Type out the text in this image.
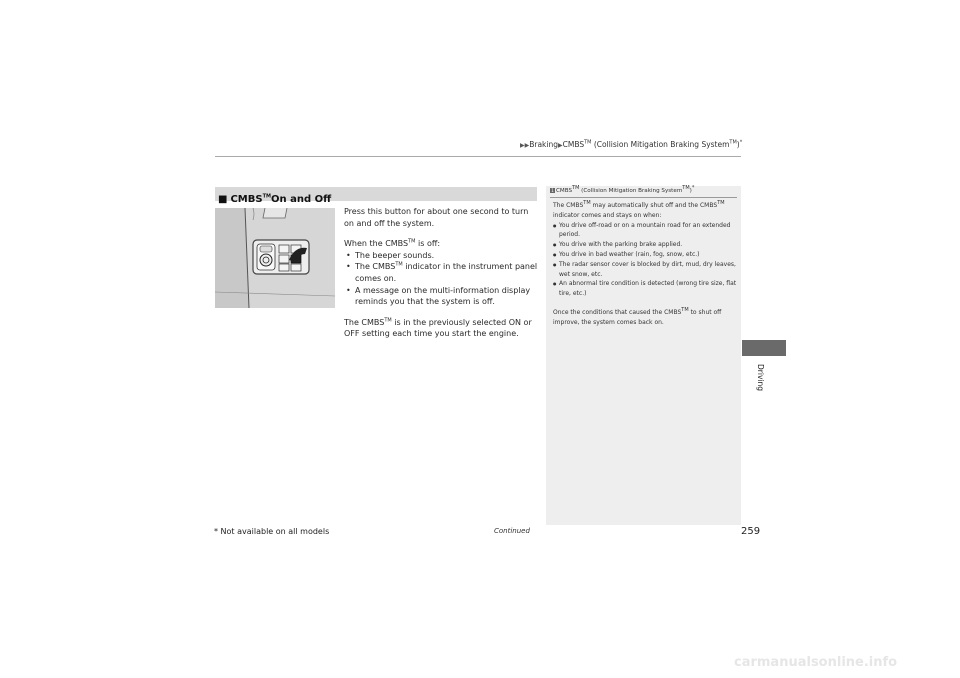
▶▶Braking▶CMBS™ (Collision Mitigation Braking System™)*
■ CMBS™On and Off

Press this button for about one second to turn on and off the system.

When the CMBS™ is off:
• The beeper sounds.
• The CMBS™ indicator in the instrument panel comes on.
• A message on the multi-information display reminds you that the system is off.

The CMBS™ is in the previously selected ON or OFF setting each time you start the engine.

1 CMBS™ (Collision Mitigation Braking System™)*

The CMBS™ may automatically shut off and the CMBS™ indicator comes and stays on when:

● You drive off-road or on a mountain road for an extended period.
● You drive with the parking brake applied.
● You drive in bad weather (rain, fog, snow, etc.)
● The radar sensor cover is blocked by dirt, mud, dry leaves, wet snow, etc.
● An abnormal tire condition is detected (wrong tire size, flat tire, etc.)

Once the conditions that caused the CMBS™ to shut off improve, the system comes back on.

Driving
* Not available on all models	Continued	259
carmanualsonline.info
